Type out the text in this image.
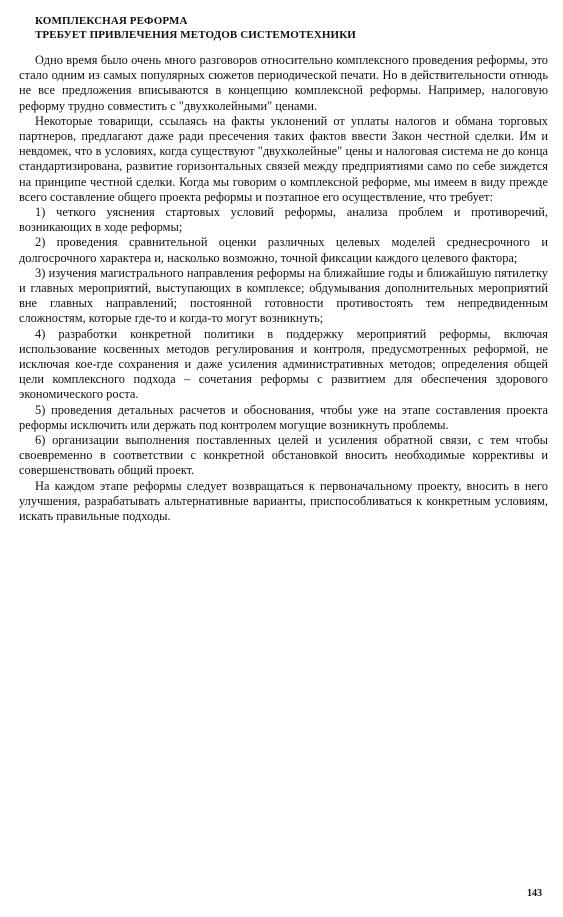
КОМПЛЕКСНАЯ РЕФОРМА
ТРЕБУЕТ ПРИВЛЕЧЕНИЯ МЕТОДОВ СИСТЕМОТЕХНИКИ

Одно время было очень много разговоров относительно комплексного проведения реформы, это стало одним из самых популярных сюжетов периодической печати. Но в действительности отнюдь не все предложения вписываются в концепцию комплексной реформы. Например, налоговую реформу трудно совместить с "двухколейными" ценами.

Некоторые товарищи, ссылаясь на факты уклонений от уплаты налогов и обмана торговых партнеров, предлагают даже ради пресечения таких фактов ввести Закон честной сделки. Им и невдомек, что в условиях, когда существуют "двухколейные" цены и налоговая система не до конца стандартизирована, развитие горизонтальных связей между предприятиями само по себе зиждется на принципе честной сделки. Когда мы говорим о комплексной реформе, мы имеем в виду прежде всего составление общего проекта реформы и поэтапное его осуществление, что требует:

1) четкого уяснения стартовых условий реформы, анализа проблем и противоречий, возникающих в ходе реформы;

2) проведения сравнительной оценки различных целевых моделей среднесрочного и долгосрочного характера и, насколько возможно, точной фиксации каждого целевого фактора;

3) изучения магистрального направления реформы на ближайшие годы и ближайшую пятилетку и главных мероприятий, выступающих в комплексе; обдумывания дополнительных мероприятий вне главных направлений; постоянной готовности противостоять тем непредвиденным сложностям, которые где-то и когда-то могут возникнуть;

4) разработки конкретной политики в поддержку мероприятий реформы, включая использование косвенных методов регулирования и контроля, предусмотренных реформой, не исключая кое-где сохранения и даже усиления административных методов; определения общей цели комплексного подхода – сочетания реформы с развитием для обеспечения здорового экономического роста.

5) проведения детальных расчетов и обоснования, чтобы уже на этапе составления проекта реформы исключить или держать под контролем могущие возникнуть проблемы.

6) организации выполнения поставленных целей и усиления обратной связи, с тем чтобы своевременно в соответствии с конкретной обстановкой вносить необходимые коррективы и совершенствовать общий проект.

На каждом этапе реформы следует возвращаться к первоначальному проекту, вносить в него улучшения, разрабатывать альтернативные варианты, приспособливаться к конкретным условиям, искать правильные подходы.

143
